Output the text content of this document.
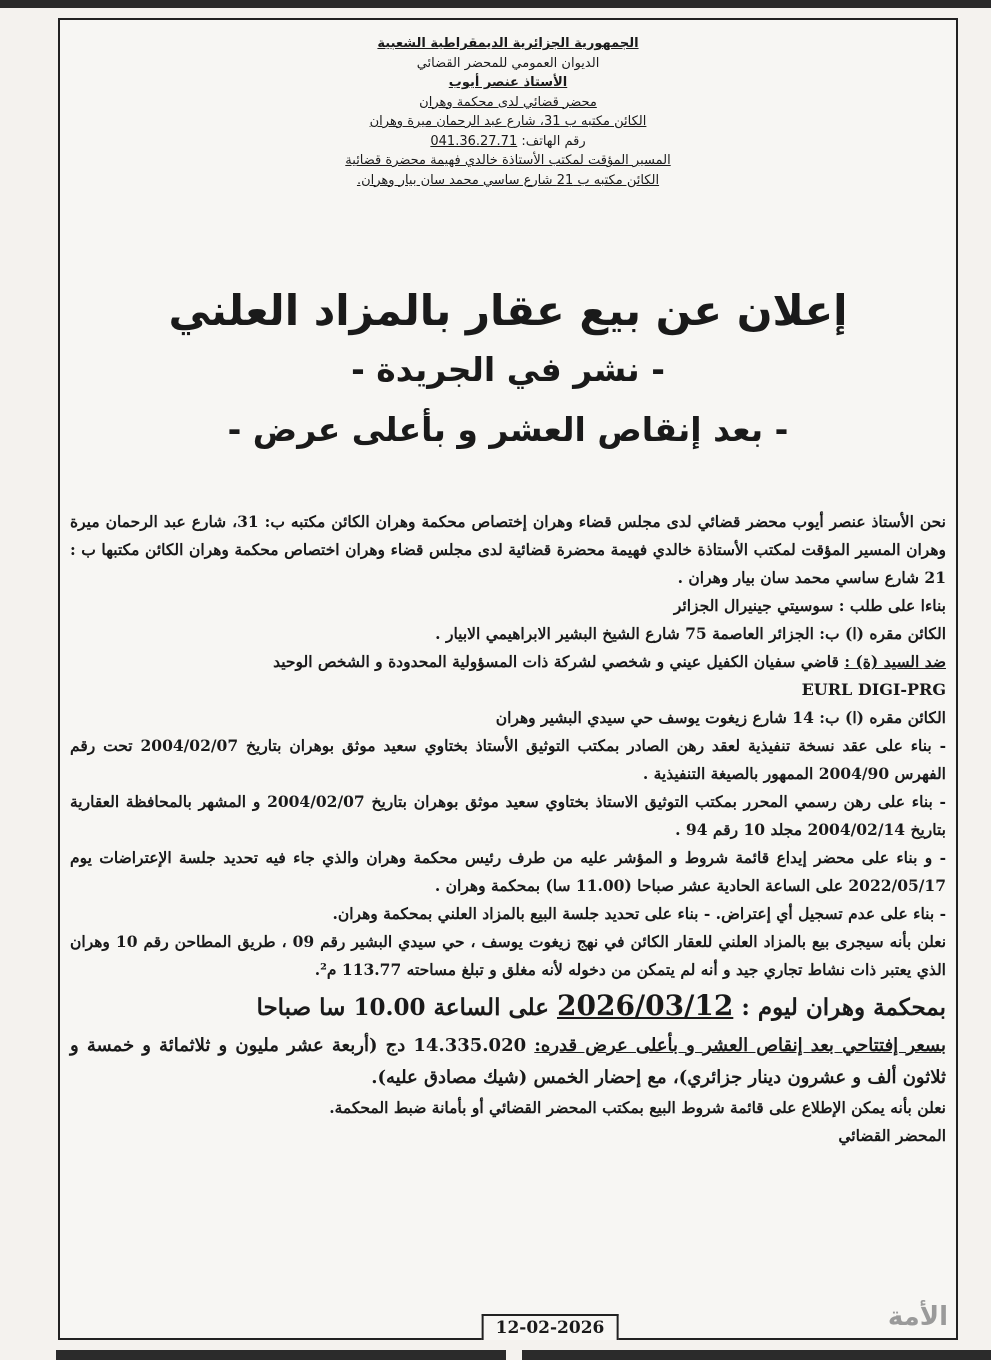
الجمهورية الجزائرية الديمقراطية الشعبية
الديوان العمومي للمحضر القضائي
الأستاذ عنصر أيوب
محضر قضائي لدى محكمة وهران
الكائن مكتبه ب 31، شارع عبد الرحمان ميرة وهران
رقم الهاتف: 041.36.27.71
المسير المؤقت لمكتب الأستاذة خالدي فهيمة محضرة قضائية
الكائن مكتبه ب 21 شارع ساسي محمد سان بيار وهران.
إعلان عن بيع عقار بالمزاد العلني
- نشر في الجريدة -
- بعد إنقاص العشر و بأعلى عرض -

نحن الأستاذ عنصر أيوب محضر قضائي لدى مجلس قضاء وهران إختصاص محكمة وهران الكائن مكتبه ب: 31، شارع عبد الرحمان ميرة وهران المسير المؤقت لمكتب الأستاذة خالدي فهيمة محضرة قضائية لدى مجلس قضاء وهران اختصاص محكمة وهران الكائن مكتبها ب : 21 شارع ساسي محمد سان بيار وهران .

بناءا على طلب : سوسيتي جينيرال الجزائر

الكائن مقره (ا) ب: الجزائر العاصمة 75 شارع الشيخ البشير الابراهيمي الابيار .

ضد السيد (ة) : قاضي سفيان الكفيل عيني و شخصي لشركة ذات المسؤولية المحدودة و الشخص الوحيد
EURL DIGI-PRG

الكائن مقره (ا) ب: 14 شارع زيغوت يوسف حي سيدي البشير وهران

- بناء على عقد نسخة تنفيذية لعقد رهن الصادر بمكتب التوثيق الأستاذ بختاوي سعيد موثق بوهران بتاريخ 2004/02/07 تحت رقم الفهرس 2004/90 الممهور بالصيغة التنفيذية .

- بناء على رهن رسمي المحرر بمكتب التوثيق الاستاذ بختاوي سعيد موثق بوهران بتاريخ 2004/02/07 و المشهر بالمحافظة العقارية بتاريخ 2004/02/14 مجلد 10 رقم 94 .

- و بناء على محضر إيداع قائمة شروط و المؤشر عليه من طرف رئيس محكمة وهران والذي جاء فيه تحديد جلسة الإعتراضات يوم 2022/05/17 على الساعة الحادية عشر صباحا (11.00 سا) بمحكمة وهران .

- بناء على عدم تسجيل أي إعتراض. - بناء على تحديد جلسة البيع بالمزاد العلني بمحكمة وهران.

نعلن بأنه سيجرى بيع بالمزاد العلني للعقار الكائن في نهج زيغوت يوسف ، حي سيدي البشير رقم 09 ، طريق المطاحن رقم 10 وهران الذي يعتبر ذات نشاط تجاري جيد و أنه لم يتمكن من دخوله لأنه مغلق و تبلغ مساحته 113.77 م².

بمحكمة وهران ليوم : 2026/03/12 على الساعة 10.00 سا صباحا

بسعر إفتتاحي بعد إنقاص العشر و بأعلى عرض قدره: 14.335.020 دج (أربعة عشر مليون و ثلاثمائة و خمسة و ثلاثون ألف و عشرون دينار جزائري)، مع إحضار الخمس (شيك مصادق عليه).

نعلن بأنه يمكن الإطلاع على قائمة شروط البيع بمكتب المحضر القضائي أو بأمانة ضبط المحكمة.

المحضر القضائي

الأمة
12-02-2026
